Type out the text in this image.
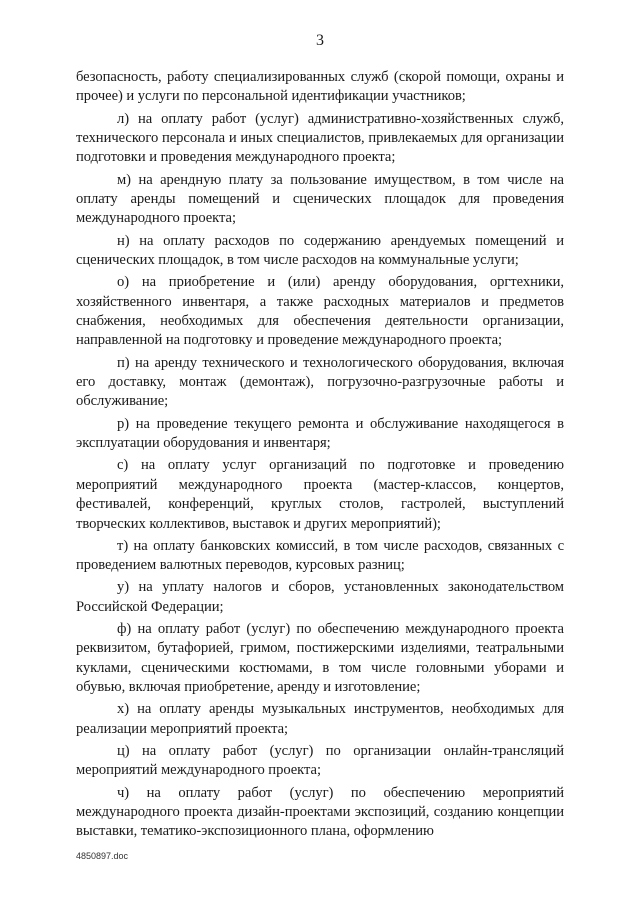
3

безопасность, работу специализированных служб (скорой помощи, охраны и прочее) и услуги по персональной идентификации участников;

л) на оплату работ (услуг) административно-хозяйственных служб, технического персонала и иных специалистов, привлекаемых для организации подготовки и проведения международного проекта;

м) на арендную плату за пользование имуществом, в том числе на оплату аренды помещений и сценических площадок для проведения международного проекта;

н) на оплату расходов по содержанию арендуемых помещений и сценических площадок, в том числе расходов на коммунальные услуги;

о) на приобретение и (или) аренду оборудования, оргтехники, хозяйственного инвентаря, а также расходных материалов и предметов снабжения, необходимых для обеспечения деятельности организации, направленной на подготовку и проведение международного проекта;

п) на аренду технического и технологического оборудования, включая его доставку, монтаж (демонтаж), погрузочно-разгрузочные работы и обслуживание;

р) на проведение текущего ремонта и обслуживание находящегося в эксплуатации оборудования и инвентаря;

с) на оплату услуг организаций по подготовке и проведению мероприятий международного проекта (мастер-классов, концертов, фестивалей, конференций, круглых столов, гастролей, выступлений творческих коллективов, выставок и других мероприятий);

т) на оплату банковских комиссий, в том числе расходов, связанных с проведением валютных переводов, курсовых разниц;

у) на уплату налогов и сборов, установленных законодательством Российской Федерации;

ф) на оплату работ (услуг) по обеспечению международного проекта реквизитом, бутафорией, гримом, постижерскими изделиями, театральными куклами, сценическими костюмами, в том числе головными уборами и обувью, включая приобретение, аренду и изготовление;

х) на оплату аренды музыкальных инструментов, необходимых для реализации мероприятий проекта;

ц) на оплату работ (услуг) по организации онлайн-трансляций мероприятий международного проекта;

ч) на оплату работ (услуг) по обеспечению мероприятий международного проекта дизайн-проектами экспозиций, созданию концепции выставки, тематико-экспозиционного плана, оформлению

4850897.doc
